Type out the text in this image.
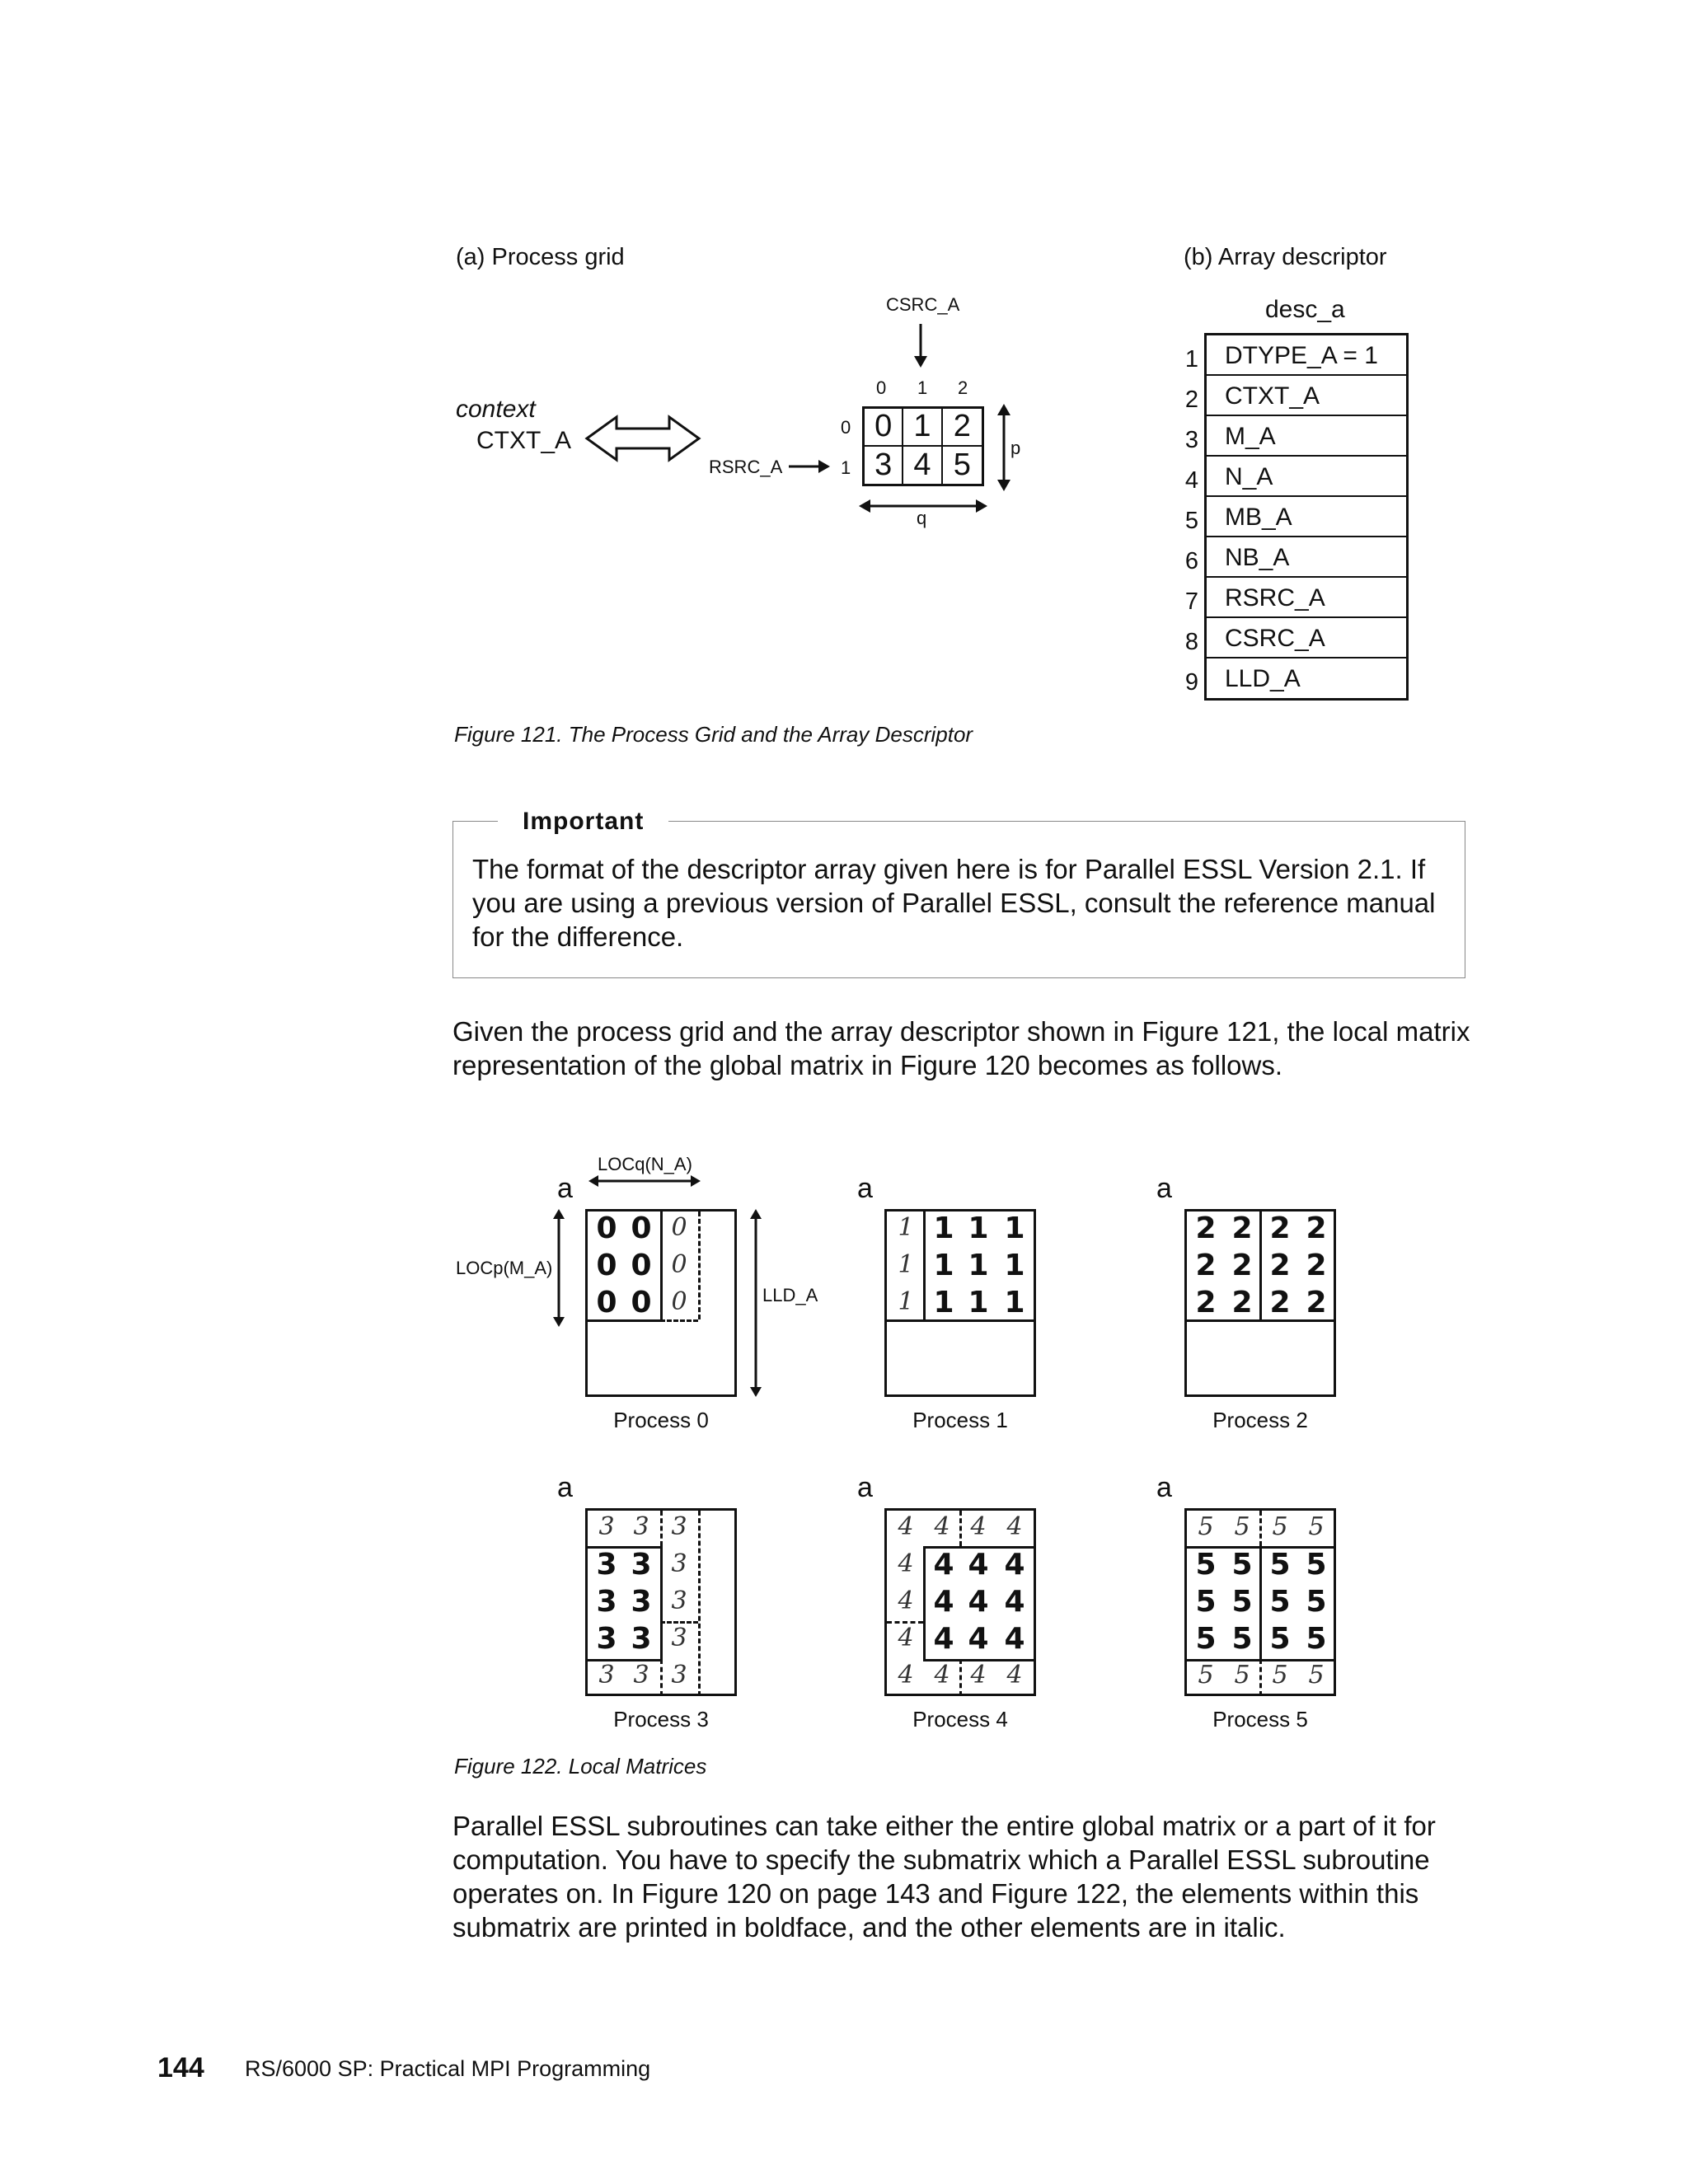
(a) Process grid	(b) Array descriptor
CSRC_A
0 1 2
0
1
RSRC_A
p
q
context
CTXT_A	0 1 2
3 4 5
desc_a
DTYPE_A = 1
CTXT_A
M_A
N_A
MB_A
NB_A
RSRC_A
CSRC_A
LLD_A
1
2
3
4
5
6
7
8
9
Figure 121. The Process Grid and the Array Descriptor
Important
The format of the descriptor array given here is for Parallel ESSL Version 2.1. If you are using a previous version of Parallel ESSL, consult the reference manual for the difference.
Given the process grid and the array descriptor shown in Figure 121, the local matrix representation of the global matrix in Figure 120 becomes as follows.
LOCq(N_A)
LOCp(M_A)
LLD_A
a
0 0 0
0 0 0
0 0 0
Process 0
a
1 1 1 1
1 1 1 1
1 1 1 1
Process 1
a
2 2 2 2
2 2 2 2
2 2 2 2
Process 2
a
3 3 3
3 3 3
3 3 3
3 3 3
3 3 3
Process 3
a
4 4 4 4
4 4 4 4
4 4 4 4
4 4 4 4
4 4 4 4
Process 4
a
5 5 5 5
5 5 5 5
5 5 5 5
5 5 5 5
5 5 5 5
Process 5
Figure 122. Local Matrices
Parallel ESSL subroutines can take either the entire global matrix or a part of it for computation. You have to specify the submatrix which a Parallel ESSL subroutine operates on. In Figure 120 on page 143 and Figure 122, the elements within this submatrix are printed in boldface, and the other elements are in italic.
144 RS/6000 SP: Practical MPI Programming
